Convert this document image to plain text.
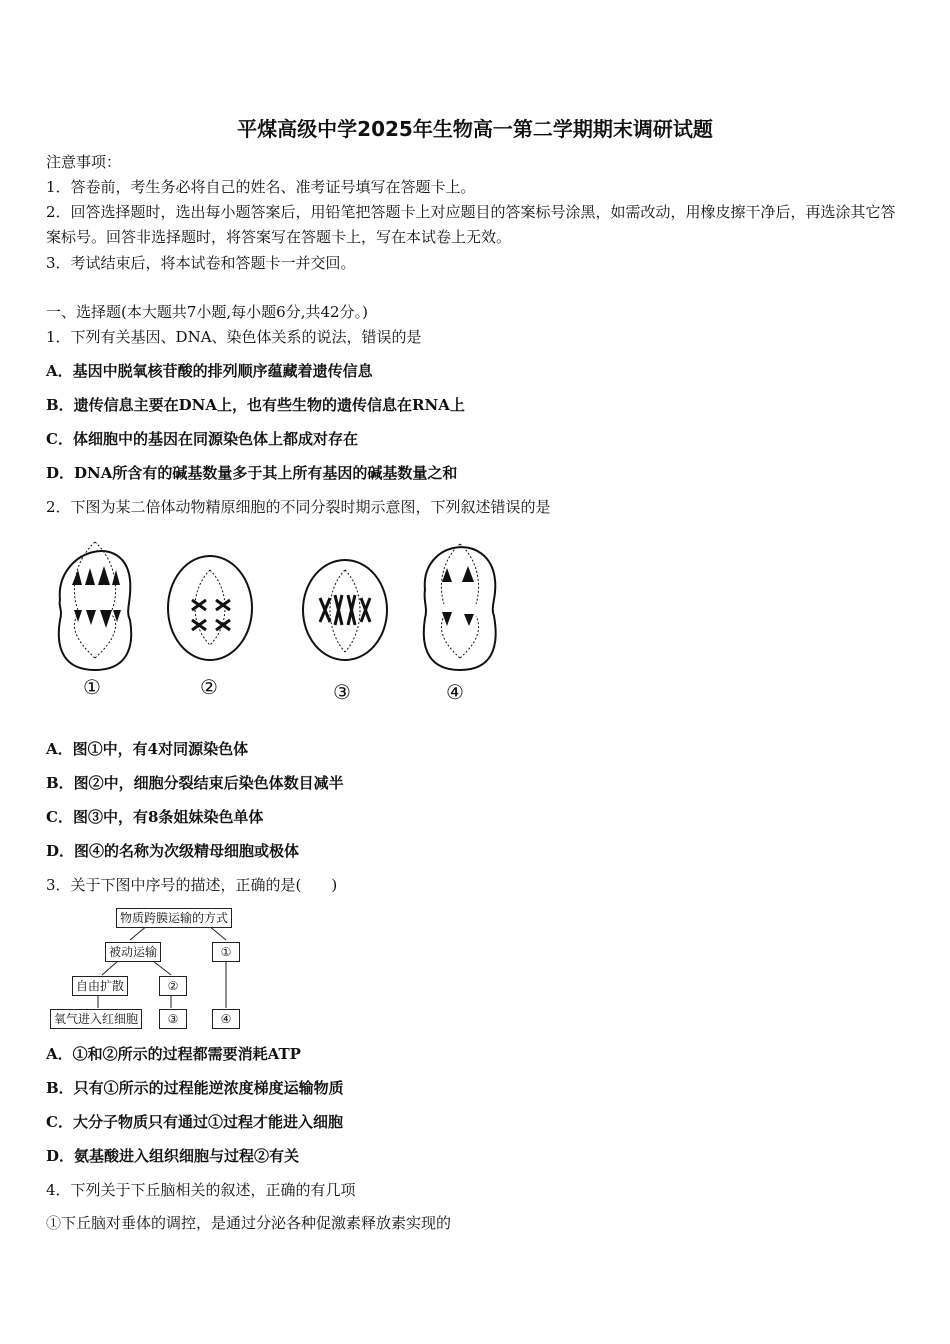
平煤高级中学2025年生物高一第二学期期末调研试题
注意事项：
1．答卷前，考生务必将自己的姓名、准考证号填写在答题卡上。
2．回答选择题时，选出每小题答案后，用铅笔把答题卡上对应题目的答案标号涂黑，如需改动，用橡皮擦干净后，再选涂其它答案标号。回答非选择题时，将答案写在答题卡上，写在本试卷上无效。
3．考试结束后，将本试卷和答题卡一并交回。
一、选择题(本大题共7小题,每小题6分,共42分。)
1．下列有关基因、DNA、染色体关系的说法，错误的是
A．基因中脱氧核苷酸的排列顺序蕴藏着遗传信息
B．遗传信息主要在DNA上，也有些生物的遗传信息在RNA上
C．体细胞中的基因在同源染色体上都成对存在
D．DNA所含有的碱基数量多于其上所有基因的碱基数量之和
2．下图为某二倍体动物精原细胞的不同分裂时期示意图，下列叙述错误的是
①	②	③	④
A．图①中，有4对同源染色体
B．图②中，细胞分裂结束后染色体数目减半
C．图③中，有8条姐妹染色单体
D．图④的名称为次级精母细胞或极体
3．关于下图中序号的描述，正确的是(　　)
物质跨膜运输的方式
被动运输	①
自由扩散	②
氧气进入红细胞	③	④
A．①和②所示的过程都需要消耗ATP
B．只有①所示的过程能逆浓度梯度运输物质
C．大分子物质只有通过①过程才能进入细胞
D．氨基酸进入组织细胞与过程②有关
4．下列关于下丘脑相关的叙述，正确的有几项
①下丘脑对垂体的调控，是通过分泌各种促激素释放素实现的
